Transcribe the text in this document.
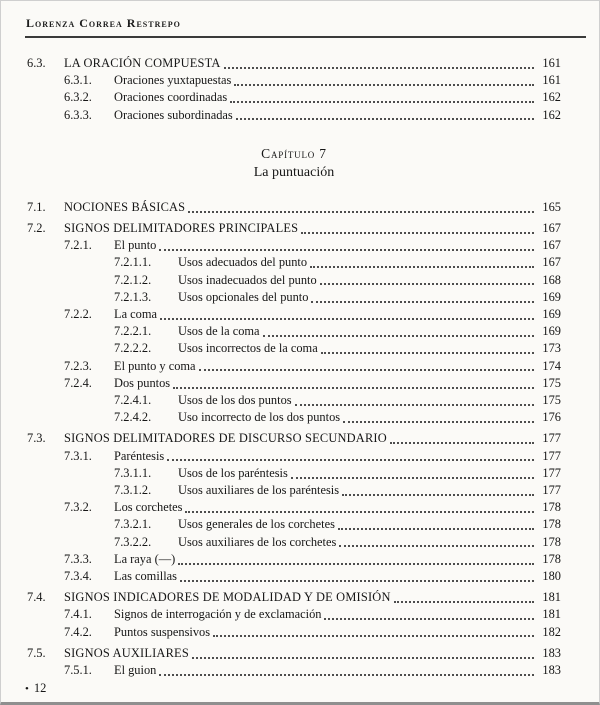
Lorenza Correa Restrepo
6.3.	LA ORACIÓN COMPUESTA	161
6.3.1.	Oraciones yuxtapuestas	161
6.3.2.	Oraciones coordinadas	162
6.3.3.	Oraciones subordinadas	162
Capítulo 7
La puntuación
7.1.	NOCIONES BÁSICAS	165
7.2.	SIGNOS DELIMITADORES PRINCIPALES	167
7.2.1.	El punto	167
7.2.1.1.	Usos adecuados del punto	167
7.2.1.2.	Usos inadecuados del punto	168
7.2.1.3.	Usos opcionales del punto	169
7.2.2.	La coma	169
7.2.2.1.	Usos de la coma	169
7.2.2.2.	Usos incorrectos de la coma	173
7.2.3.	El punto y coma	174
7.2.4.	Dos puntos	175
7.2.4.1.	Usos de los dos puntos	175
7.2.4.2.	Uso incorrecto de los dos puntos	176
7.3.	SIGNOS DELIMITADORES DE DISCURSO SECUNDARIO	177
7.3.1.	Paréntesis	177
7.3.1.1.	Usos de los paréntesis	177
7.3.1.2.	Usos auxiliares de los paréntesis	177
7.3.2.	Los corchetes	178
7.3.2.1.	Usos generales de los corchetes	178
7.3.2.2.	Usos auxiliares de los corchetes	178
7.3.3.	La raya (—)	178
7.3.4.	Las comillas	180
7.4.	SIGNOS INDICADORES DE MODALIDAD Y DE OMISIÓN	181
7.4.1.	Signos de interrogación y de exclamación	181
7.4.2.	Puntos suspensivos	182
7.5.	SIGNOS AUXILIARES	183
7.5.1.	El guion	183
• 12
